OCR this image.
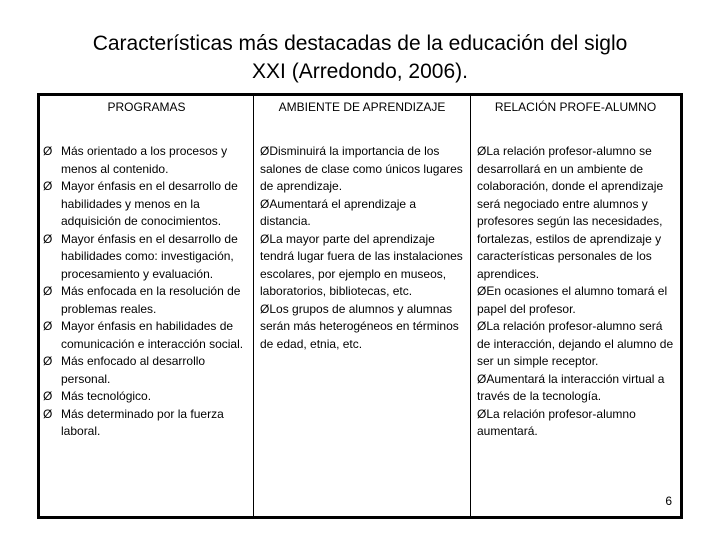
Características más destacadas de la educación del siglo
XXI (Arredondo, 2006).
PROGRAMAS
Ø Más orientado a los procesos y menos al contenido.
Ø Mayor énfasis en el desarrollo de habilidades y menos en la adquisición de conocimientos.
Ø Mayor énfasis en el desarrollo de habilidades como: investigación, procesamiento y evaluación.
Ø Más enfocada en la resolución de problemas reales.
Ø Mayor énfasis en habilidades de comunicación e interacción social.
Ø Más enfocado al desarrollo personal.
Ø Más tecnológico.
Ø Más determinado por la fuerza laboral.
AMBIENTE DE APRENDIZAJE
ØDisminuirá la importancia de los salones de clase como únicos lugares de aprendizaje.
ØAumentará el aprendizaje a distancia.
ØLa mayor parte del aprendizaje tendrá lugar fuera de las instalaciones escolares, por ejemplo en museos, laboratorios, bibliotecas, etc.
ØLos grupos de alumnos y alumnas serán más heterogéneos en términos de edad, etnia, etc.
RELACIÓN PROFE-ALUMNO
ØLa relación profesor-alumno se desarrollará en un ambiente de colaboración, donde el aprendizaje será negociado entre alumnos y profesores según las necesidades, fortalezas, estilos de aprendizaje y características personales de los aprendices.
ØEn ocasiones el alumno tomará el papel del profesor.
ØLa relación profesor-alumno será de interacción, dejando el alumno de ser un simple receptor.
ØAumentará la interacción virtual a través de la tecnología.
ØLa relación profesor-alumno aumentará.
6
